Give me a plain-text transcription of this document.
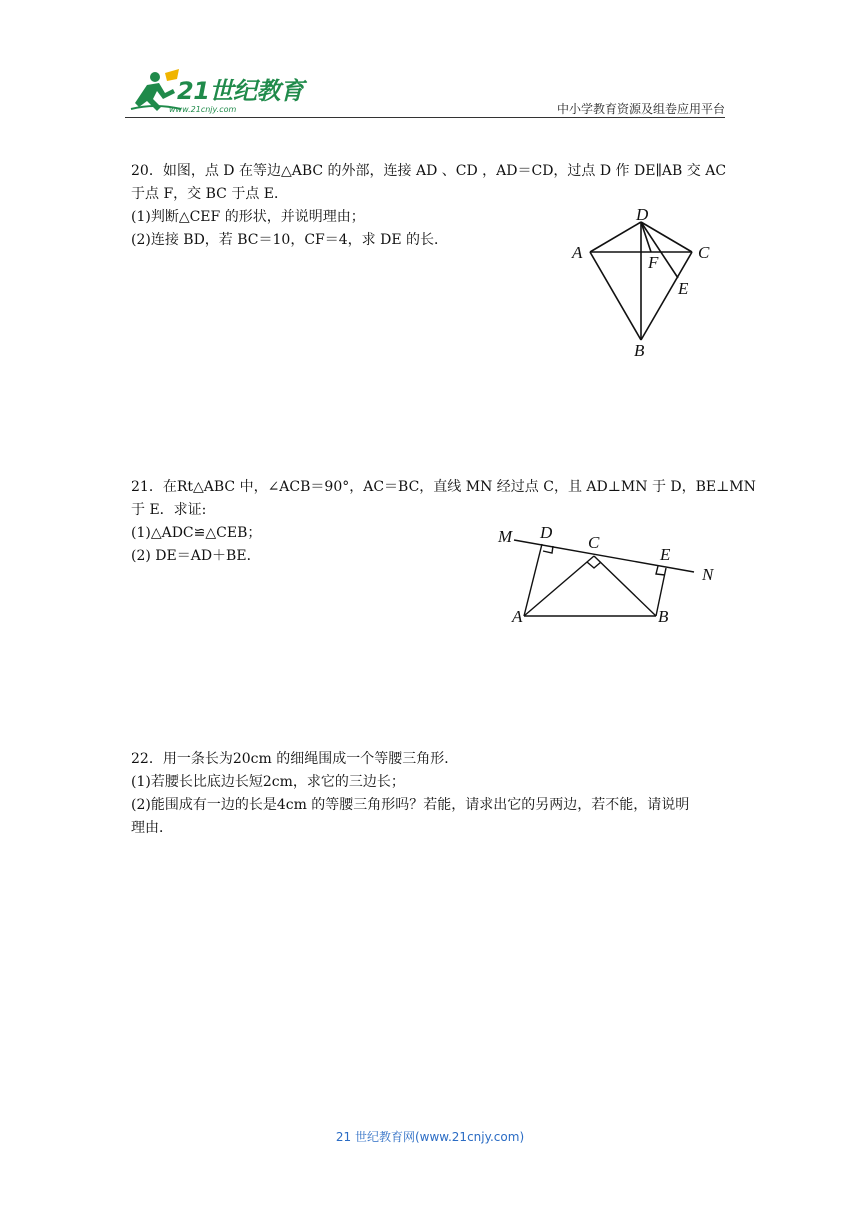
21世纪教育
www.21cnjy.com	中小学教育资源及组卷应用平台

20．如图，点 D 在等边△ABC 的外部，连接 AD 、CD ，AD＝CD，过点 D 作 DE∥AB 交 AC

于点 F，交 BC 于点 E．

(1)判断△CEF 的形状，并说明理由；

(2)连接 BD，若 BC＝10，CF＝4，求 DE 的长．

D
A	C
F
E
B

21．在Rt△ABC 中，∠ACB＝90°，AC＝BC，直线 MN 经过点 C，且 AD⊥MN 于 D，BE⊥MN

于 E．求证:

(1)△ADC≌△CEB；

(2) DE＝AD＋BE．

M D
C
E
N
A	B

22．用一条长为20cm 的细绳围成一个等腰三角形．

(1)若腰长比底边长短2cm，求它的三边长；

(2)能围成有一边的长是4cm 的等腰三角形吗？若能，请求出它的另两边，若不能，请说明

理由．

21 世纪教育网(www.21cnjy.com)
